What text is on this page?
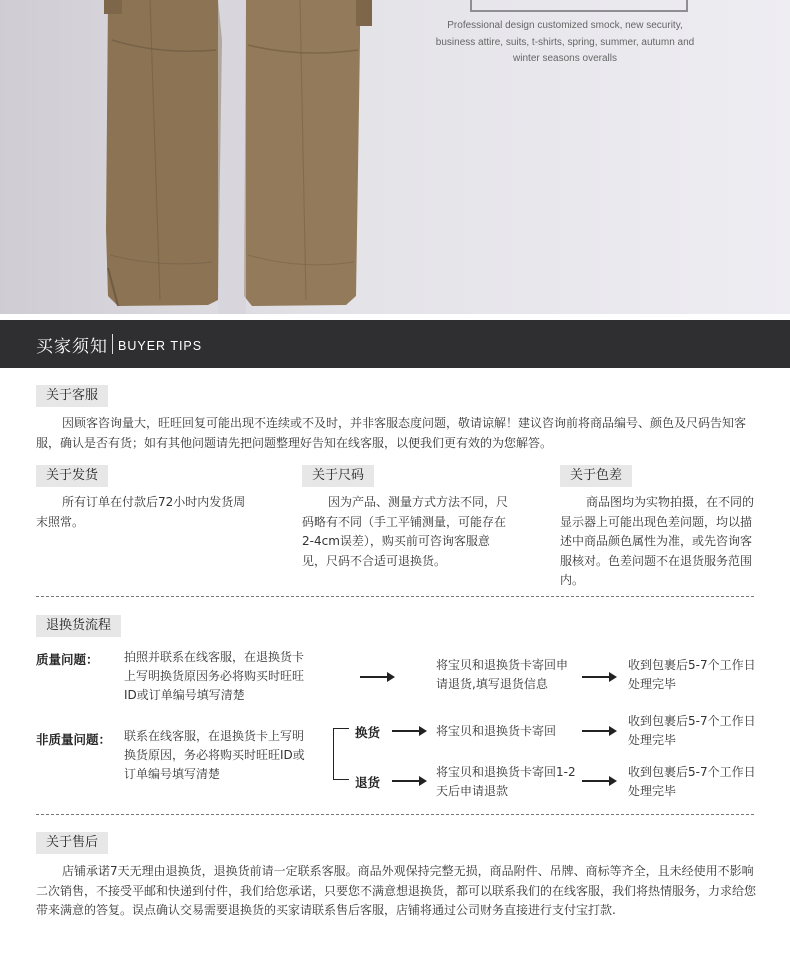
Professional design customized smock, new security, business attire, suits, t-shirts, spring, summer, autumn and winter seasons overalls
买家须知 BUYER TIPS
关于客服
因顾客咨询量大，旺旺回复可能出现不连续或不及时，并非客服态度问题，敬请谅解！建议咨询前将商品编号、颜色及尺码告知客服，确认是否有货；如有其他问题请先把问题整理好告知在线客服，以便我们更有效的为您解答。
关于发货
所有订单在付款后72小时内发货周末照常。
关于尺码
因为产品、测量方式方法不同，尺码略有不同（手工平铺测量，可能存在2-4cm误差），购买前可咨询客服意见，尺码不合适可退换货。
关于色差
商品图均为实物拍摄，在不同的显示器上可能出现色差问题，均以描述中商品颜色属性为准，或先咨询客服核对。色差问题不在退货服务范围内。
退换货流程
质量问题： 拍照并联系在线客服，在退换货卡上写明换货原因务必将购买时旺旺ID或订单编号填写清楚
将宝贝和退换货卡寄回申请退货,填写退货信息
收到包裹后5-7个工作日处理完毕
非质量问题： 联系在线客服，在退换货卡上写明换货原因，务必将购买时旺旺ID或订单编号填写清楚
换货	将宝贝和退换货卡寄回
收到包裹后5-7个工作日处理完毕
退货
将宝贝和退换货卡寄回1-2天后申请退款
收到包裹后5-7个工作日处理完毕
关于售后
店铺承诺7天无理由退换货，退换货前请一定联系客服。商品外观保持完整无损，商品附件、吊牌、商标等齐全，且未经使用不影响二次销售，不接受平邮和快递到付件，我们给您承诺，只要您不满意想退换货，都可以联系我们的在线客服，我们将热情服务，力求给您带来满意的答复。误点确认交易需要退换货的买家请联系售后客服，店铺将通过公司财务直接进行支付宝打款.
